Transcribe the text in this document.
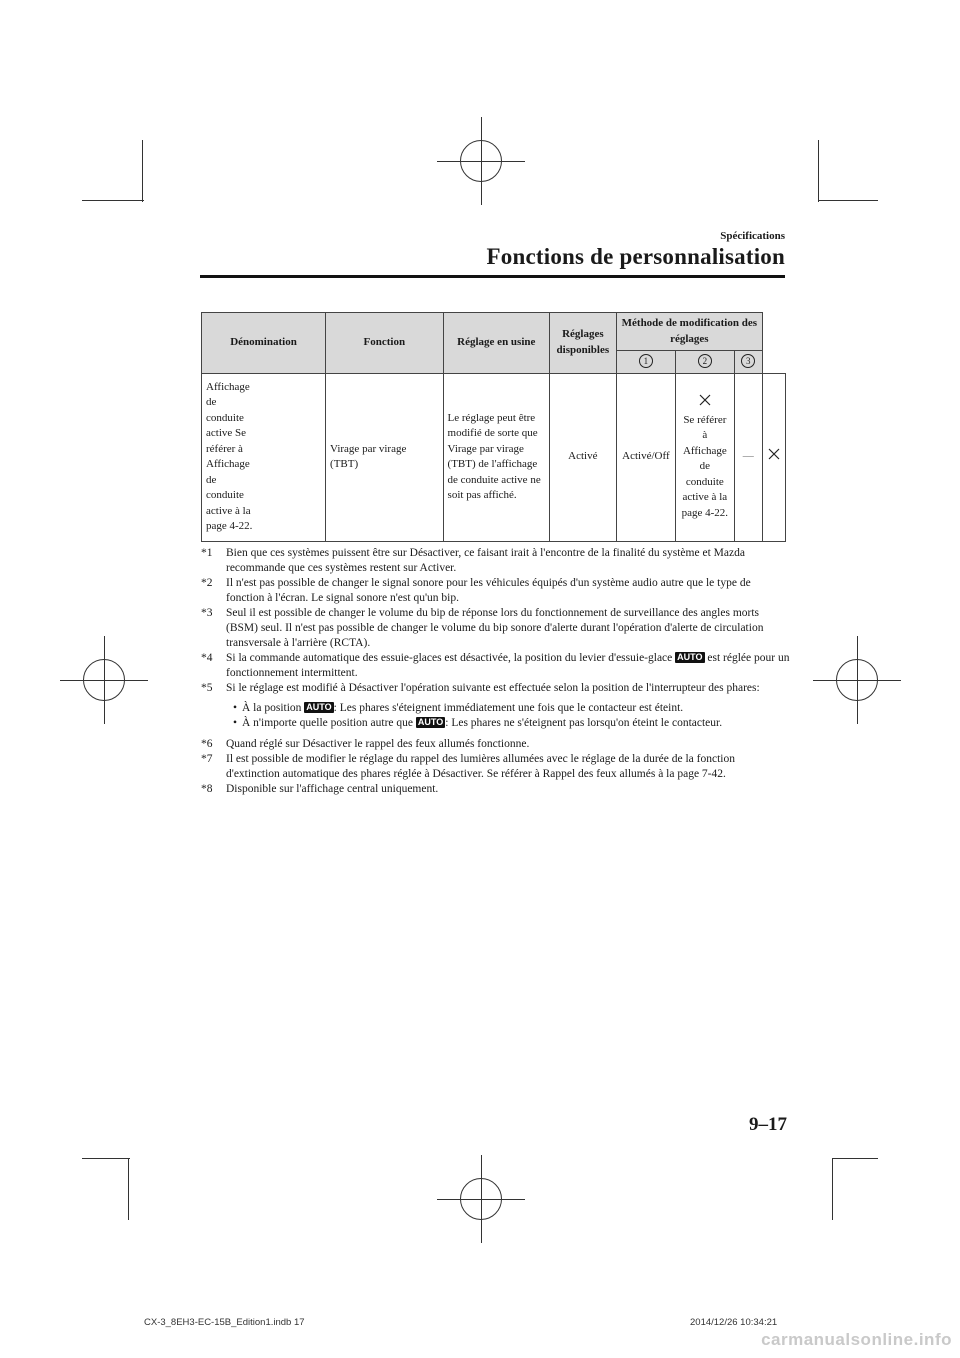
Spécifications
Fonctions de personnalisation
Dénomination	Fonction	Réglage en usine	Réglages disponibles	Méthode de modification des réglages			
				1	2	3	

Affichage de conduite active Se référer à Affichage de conduite active à la page 4-22.	Virage par virage (TBT)	Le réglage peut être modifié de sorte que Virage par virage (TBT) de l'affichage de conduite active ne soit pas affiché.	Activé	Activé/Off	Se référer à Affichage de conduite active à la page 4-22.	—	
*1	Bien que ces systèmes puissent être sur Désactiver, ce faisant irait à l'encontre de la finalité du système et Mazda recommande que ces systèmes restent sur Activer.
*2	Il n'est pas possible de changer le signal sonore pour les véhicules équipés d'un système audio autre que le type de fonction à l'écran. Le signal sonore n'est qu'un bip.
*3	Seul il est possible de changer le volume du bip de réponse lors du fonctionnement de surveillance des angles morts (BSM) seul. Il n'est pas possible de changer le volume du bip sonore d'alerte durant l'opération d'alerte de circulation transversale à l'arrière (RCTA).
*4	Si la commande automatique des essuie-glaces est désactivée, la position du levier d'essuie-glace AUTO est réglée pour un fonctionnement intermittent.
*5	Si le réglage est modifié à Désactiver l'opération suivante est effectuée selon la position de l'interrupteur des phares:
• À la position AUTO : Les phares s'éteignent immédiatement une fois que le contacteur est éteint.
• À n'importe quelle position autre que AUTO : Les phares ne s'éteignent pas lorsqu'on éteint le contacteur.
*6	Quand réglé sur Désactiver le rappel des feux allumés fonctionne.
*7	Il est possible de modifier le réglage du rappel des lumières allumées avec le réglage de la durée de la fonction d'extinction automatique des phares réglée à Désactiver. Se référer à Rappel des feux allumés à la page 7-42.
*8	Disponible sur l'affichage central uniquement.
9–17
CX-3_8EH3-EC-15B_Edition1.indb 17	2014/12/26 10:34:21
carmanualsonline.info
